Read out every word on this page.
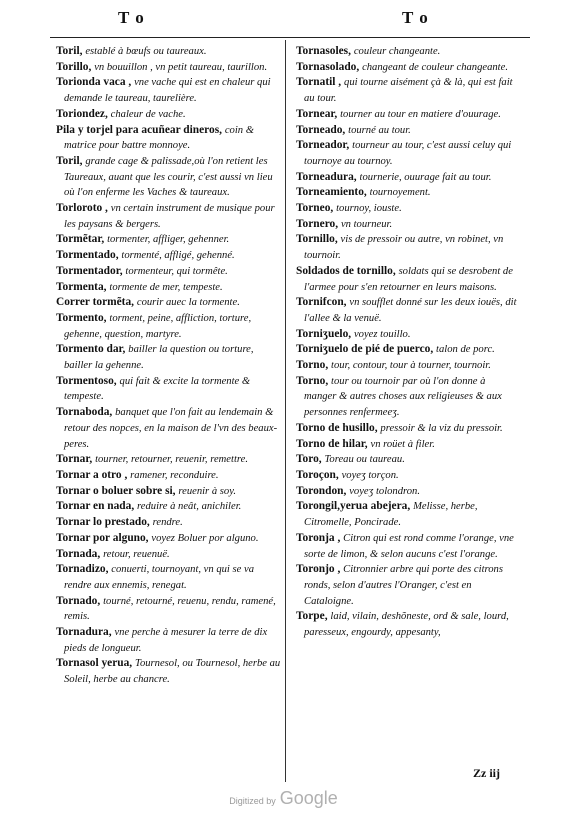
T o	T o

Toril, establé à bœufs ou taureaux.

Torillo, vn bouuillon , vn petit taureau, taurillon.

Torionda vaca , vne vache qui est en chaleur qui demande le taureau, taurelière.

Toriondez, chaleur de vache.

Pila y torjel para acuñear dineros, coin & matrice pour battre monnoye.

Toril, grande cage & palissade,où l'on retient les Taureaux, auant que les courir, c'est aussi vn lieu où l'on enferme les Vaches & taureaux.

Torloroto , vn certain instrument de musique pour les paysans & bergers.

Tormẽtar, tormenter, affliger, gehenner.

Tormentado, tormenté, affligé, gehenné.

Tormentador, tormenteur, qui tormête.

Tormenta, tormente de mer, tempeste.

Correr tormẽta, courir auec la tormente.

Tormento, torment, peine, affliction, torture, gehenne, question, martyre.

Tormento dar, bailler la question ou torture, bailler la gehenne.

Tormentoso, qui fait & excite la tormente & tempeste.

Tornaboda, banquet que l'on fait au lendemain & retour des nopces, en la maison de l'vn des beaux-peres.

Tornar, tourner, retourner, reuenir, remettre.

Tornar a otro , ramener, reconduire.

Tornar o boluer sobre si, reuenir à soy.

Tornar en nada, reduire à neât, anichiler.

Tornar lo prestado, rendre.

Tornar por alguno, voyez Boluer por alguno.

Tornada, retour, reuenuë.

Tornadizo, conuerti, tournoyant, vn qui se va rendre aux ennemis, renegat.

Tornado, tourné, retourné, reuenu, rendu, ramené, remis.

Tornadura, vne perche à mesurer la terre de dix pieds de longueur.

Tornasol yerua, Tournesol, ou Tournesol, herbe au Soleil, herbe au chancre.

Tornasoles, couleur changeante.

Tornasolado, changeant de couleur changeante.

Tornatil , qui tourne aisément çà & là, qui est fait au tour.

Tornear, tourner au tour en matiere d'ouurage.

Torneado, tourné au tour.

Torneador, tourneur au tour, c'est aussi celuy qui tournoye au tournoy.

Torneadura, tournerie, ouurage fait au tour.

Torneamiento, tournoyement.

Torneo, tournoy, iouste.

Tornero, vn tourneur.

Tornillo, vis de pressoir ou autre, vn robinet, vn tournoir.

Soldados de tornillo, soldats qui se desrobent de l'armee pour s'en retourner en leurs maisons.

Tornifcon, vn soufflet donné sur les deux iouës, dit l'allee & la venuë.

Torniʒuelo, voyez touillo.

Torniʒuelo de pié de puerco, talon de porc.

Torno, tour, contour, tour à tourner, tournoir.

Torno, tour ou tournoir par où l'on donne à manger & autres choses aux religieuses & aux personnes renfermeeʒ.

Torno de husillo, pressoir & la viz du pressoir.

Torno de hilar, vn roüet à filer.

Toro, Toreau ou taureau.

Toroçon, voyeʒ torçon.

Torondon, voyeʒ tolondron.

Torongil,yerua abejera, Melisse, herbe, Citromelle, Poncirade.

Toronja , Citron qui est rond comme l'orange, vne sorte de limon, & selon aucuns c'est l'orange.

Toronjo , Citronnier arbre qui porte des citrons ronds, selon d'autres l'Oranger, c'est en Cataloigne.

Torpe, laid, vilain, deshõneste, ord & sale, lourd, paresseux, engourdy, appesanty,

Zz iij
Digitized by Google
